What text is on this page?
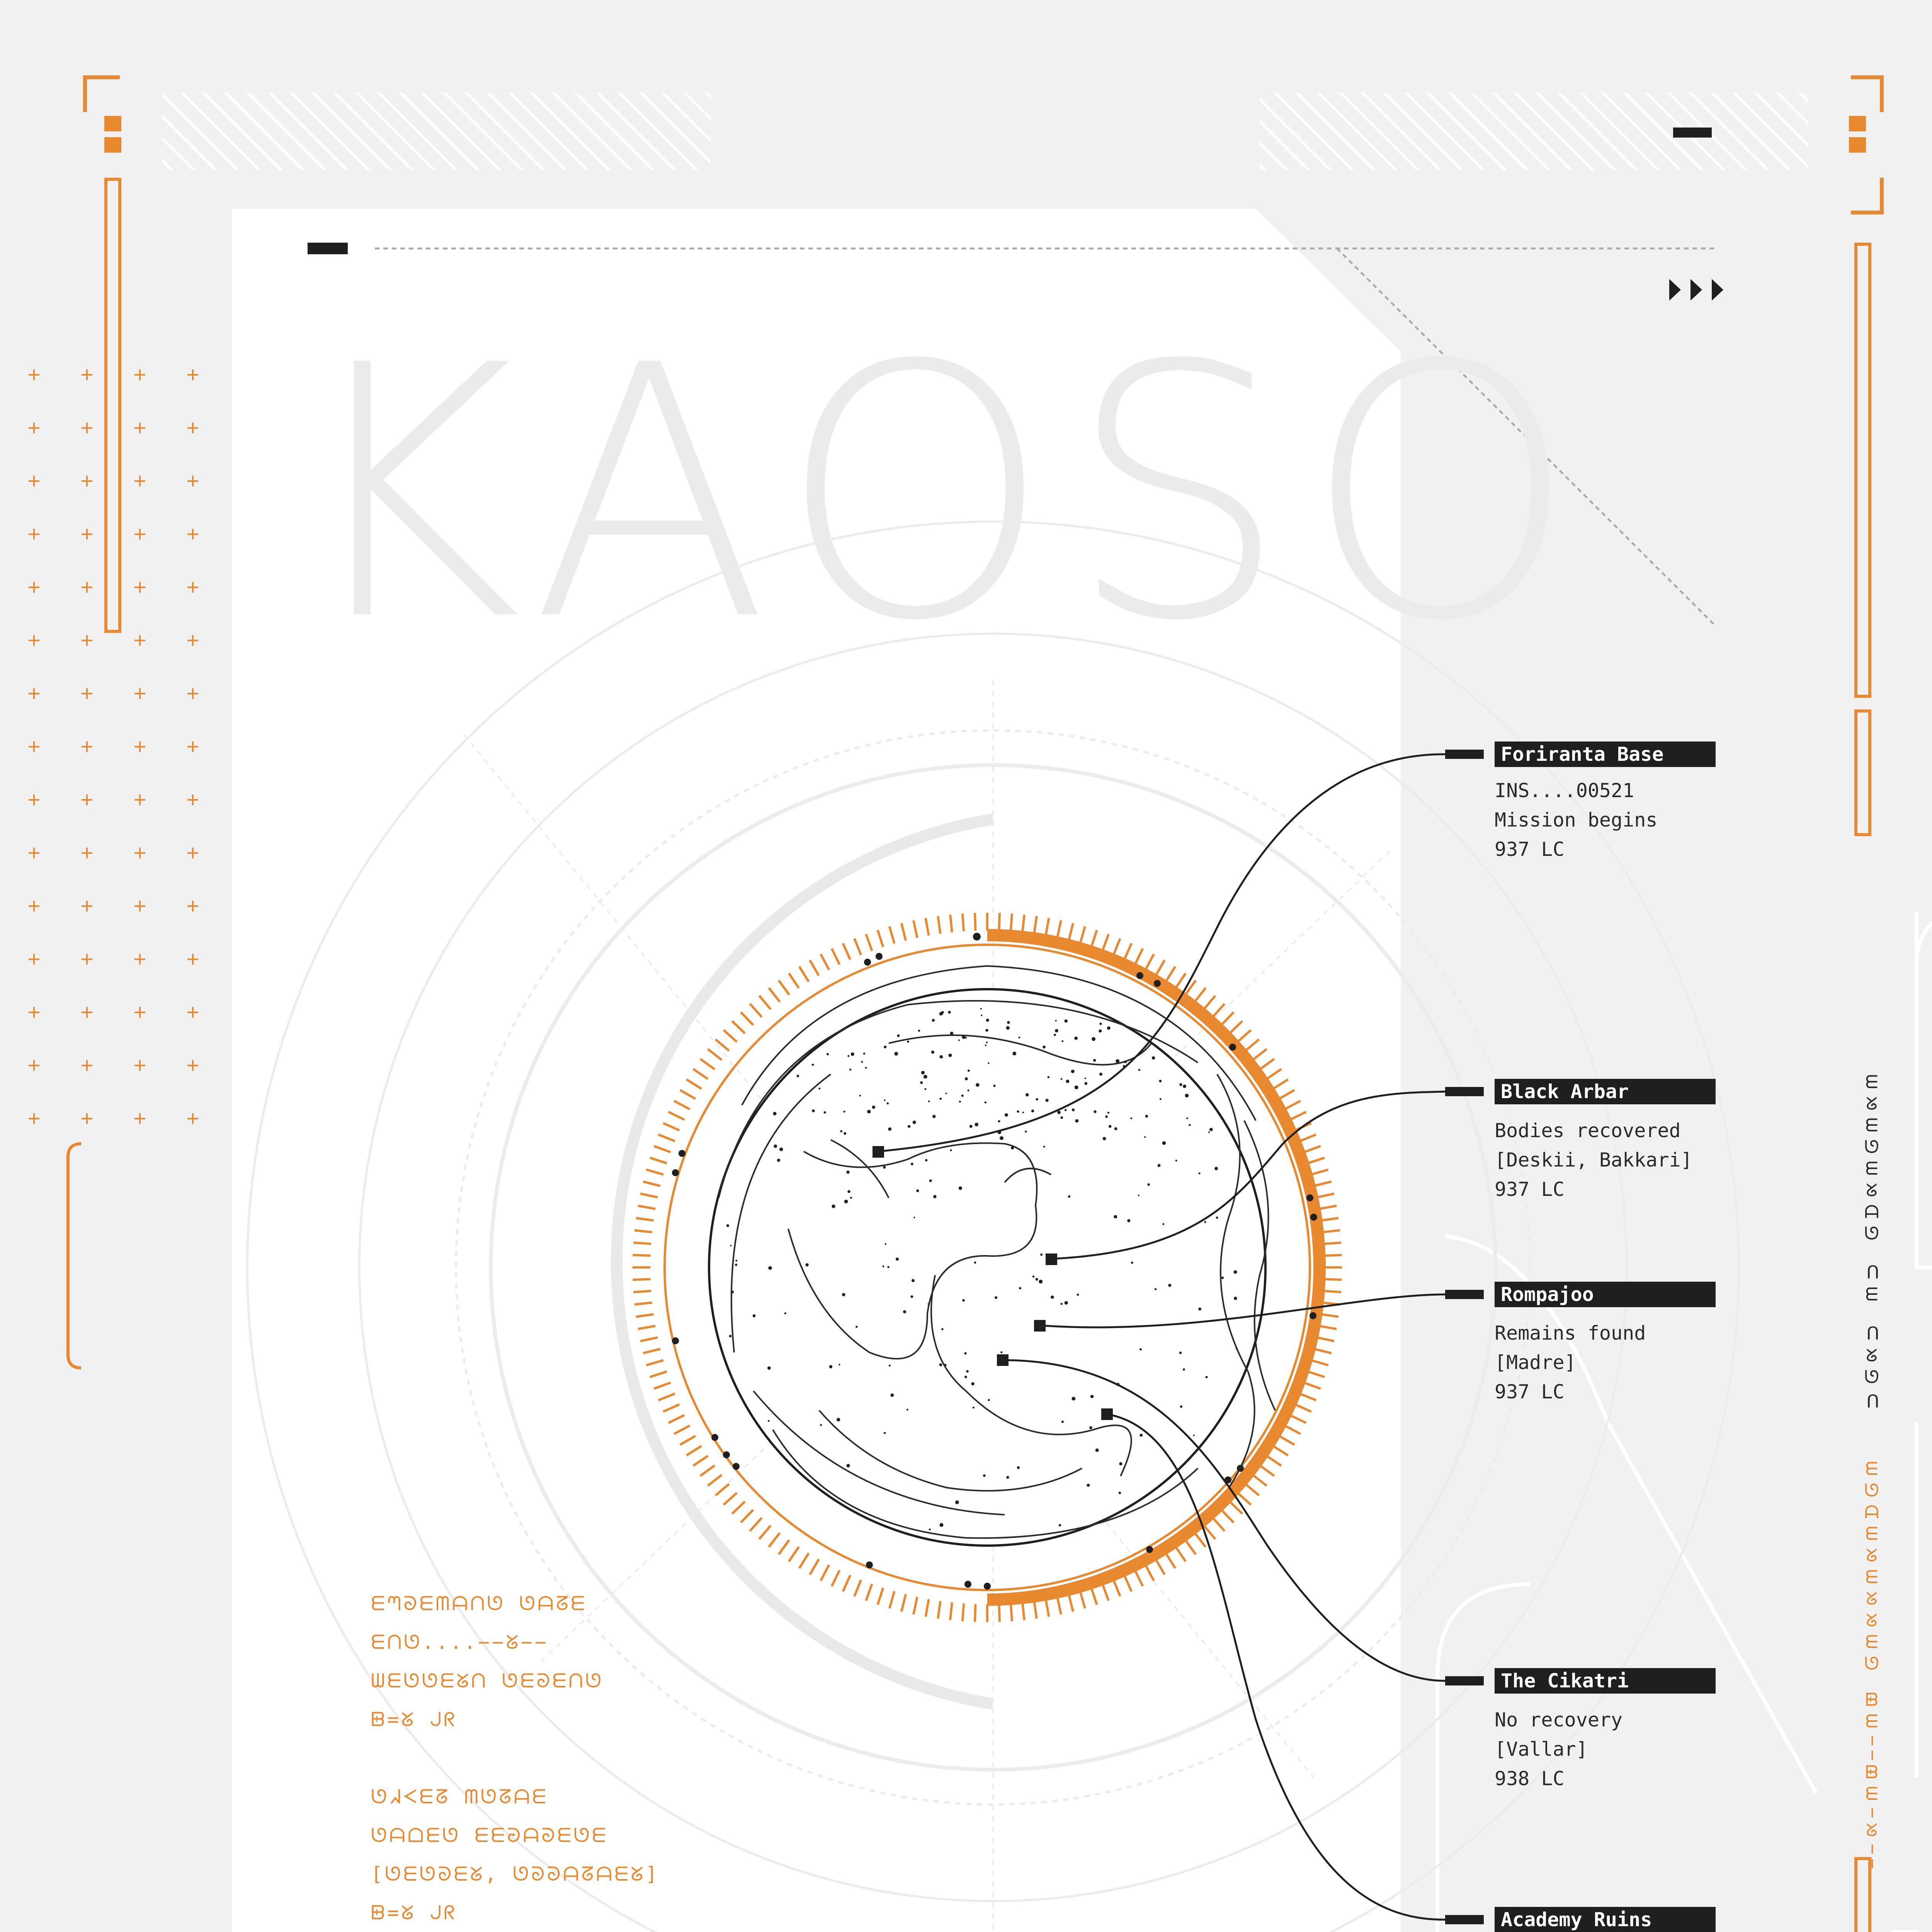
KAOSO
Foriranta Base
INS....00521
Mission begins
937 LC
Black Arbar
Bodies recovered
[Deskii, Bakkari]
937 LC
Rompajoo
Remains found
[Madre]
937 LC
The Cikatri
No recovery
[Vallar]
938 LC
Academy Ruins
ᗴᘉᘐᗴᗰᗩᑎᘎ ᘎᗩᘔᗴ
ᗴᑎᘎ....−−ᘜ−−
ᗯᗴᘎᘎᗴᘜᑎ ᘎᗴᘐᗴᑎᘎ
ᗸ=ᘜ ᒍᖇ
ᘎᖽᐸᗴᘔ ᗰᘎᘔᗩᗴ
ᘎᗩᗝᗴᘎ ᗴᗴᘒᗩᘐᗴᘎᗴ
[ᘎᗴᘎᘐᗴᘜ, ᘎᘐᘐᗩᘔᗩᗴᘜ]
ᗸ=ᘜ ᒍᖇ
ᗴᘜᗴᘎᗴᘜᗩᘎ ᑎᗴ ᑎᘜᘎᑎ ᗴᘎᗩᗴᘜᗴᘜᘜᗴᘎ ᗸᗴ−−ᗸᗴ−ᘜ−−
